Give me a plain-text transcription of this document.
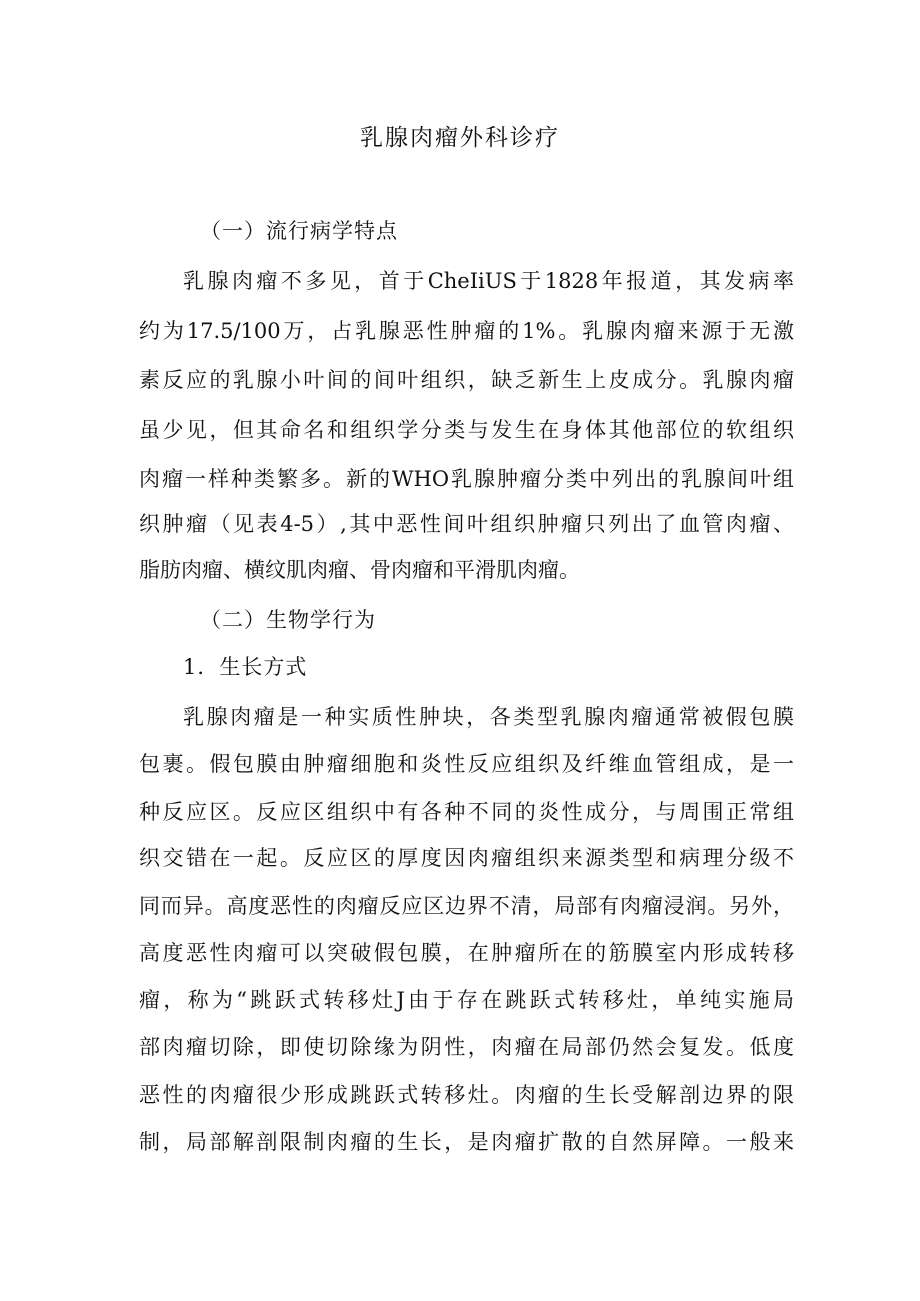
乳腺肉瘤外科诊疗
（一）流行病学特点
乳腺肉瘤不多见，首于CheIiUS于1828年报道，其发病率
约为17.5/100万，占乳腺恶性肿瘤的1%。乳腺肉瘤来源于无激
素反应的乳腺小叶间的间叶组织，缺乏新生上皮成分。乳腺肉瘤
虽少见，但其命名和组织学分类与发生在身体其他部位的软组织
肉瘤一样种类繁多。新的WHO乳腺肿瘤分类中列出的乳腺间叶组
织肿瘤（见表4-5）,其中恶性间叶组织肿瘤只列出了血管肉瘤、
脂肪肉瘤、横纹肌肉瘤、骨肉瘤和平滑肌肉瘤。
（二）生物学行为
1．生长方式
乳腺肉瘤是一种实质性肿块，各类型乳腺肉瘤通常被假包膜
包裹。假包膜由肿瘤细胞和炎性反应组织及纤维血管组成，是一
种反应区。反应区组织中有各种不同的炎性成分，与周围正常组
织交错在一起。反应区的厚度因肉瘤组织来源类型和病理分级不
同而异。高度恶性的肉瘤反应区边界不清，局部有肉瘤浸润。另外，
高度恶性肉瘤可以突破假包膜，在肿瘤所在的筋膜室内形成转移
瘤，称为“跳跃式转移灶J由于存在跳跃式转移灶，单纯实施局
部肉瘤切除，即使切除缘为阴性，肉瘤在局部仍然会复发。低度
恶性的肉瘤很少形成跳跃式转移灶。肉瘤的生长受解剖边界的限
制，局部解剖限制肉瘤的生长，是肉瘤扩散的自然屏障。一般来
